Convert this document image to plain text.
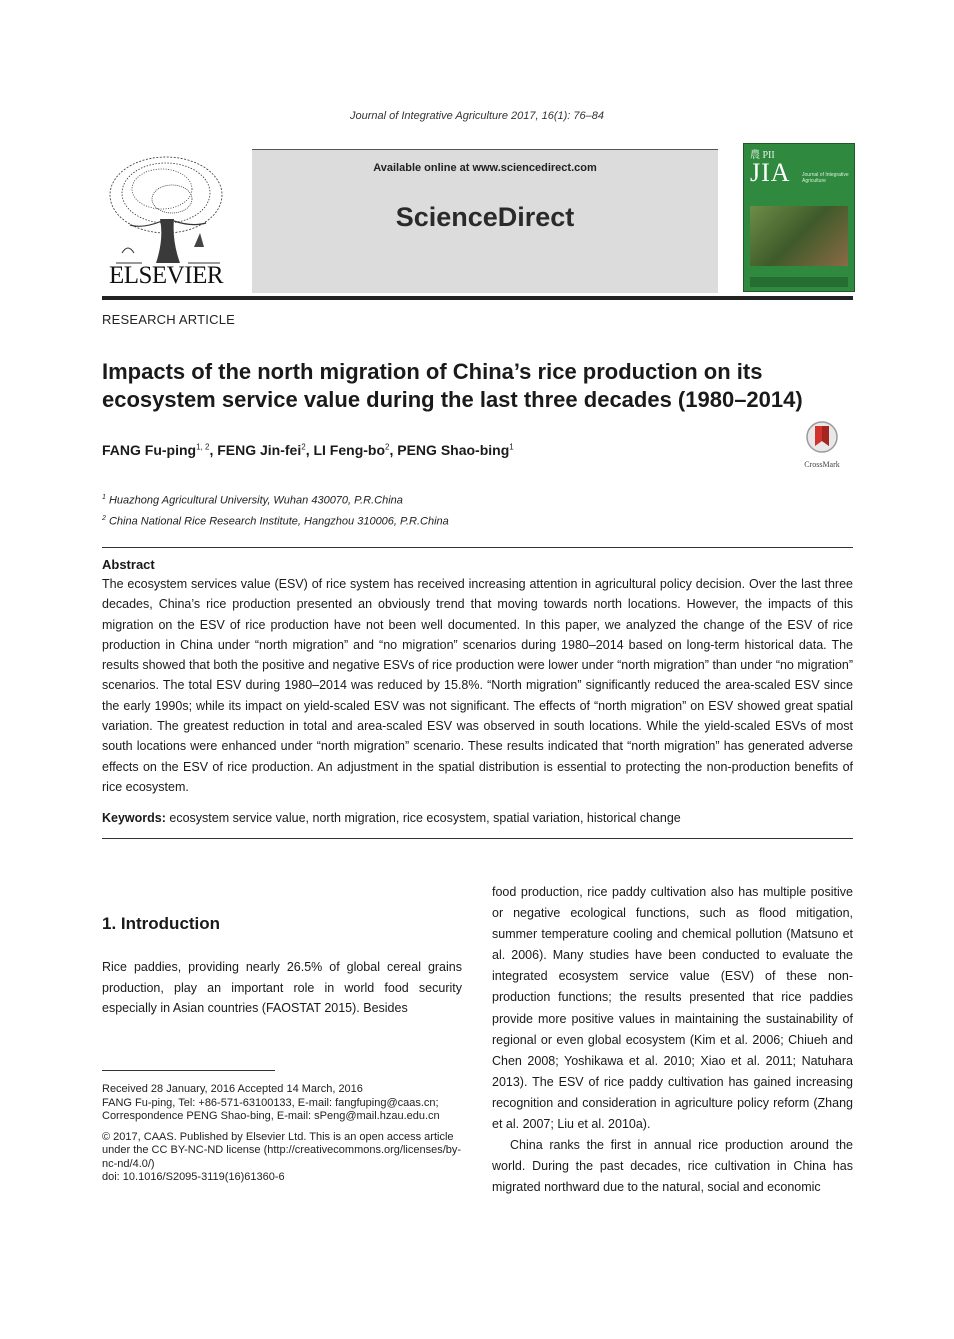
Journal of Integrative Agriculture 2017, 16(1): 76–84
ELSEVIER
Available online at www.sciencedirect.com
ScienceDirect
農 PII
JIA Journal of Integrative Agriculture
RESEARCH ARTICLE
Impacts of the north migration of China’s rice production on its ecosystem service value during the last three decades (1980–2014)
FANG Fu-ping$^{1, 2}$, FENG Jin-fei$^2$, LI Feng-$bo^2$, PENG Shao-bing$^1$
CrossMark
$^1$ Huazhong Agricultural University, Wuhan 430070, P.R.China
$^2$ China National Rice Research Institute, Hangzhou 310006, P.R.China
Abstract
The ecosystem services value (ESV) of rice system has received increasing attention in agricultural policy decision. Over the last three decades, China’s rice production presented an obviously trend that moving towards north locations. However, the impacts of this migration on the ESV of rice production have not been well documented. In this paper, we analyzed the change of the ESV of rice production in China under “north migration” and “no migration” scenarios during 1980–2014 based on long-term historical data. The results showed that both the positive and negative ESVs of rice production were lower under “north migration” than under “no migration” scenarios. The total ESV during 1980–2014 was reduced by 15.8%. “North migration” significantly reduced the area-scaled ESV since the early 1990s; while its impact on yield-scaled ESV was not significant. The effects of “north migration” on ESV showed great spatial variation. The greatest reduction in total and area-scaled ESV was observed in south locations. While the yield-scaled ESVs of most south locations were enhanced under “north migration” scenario. These results indicated that “north migration” has generated adverse effects on the ESV of rice production. An adjustment in the spatial distribution is essential to protecting the non-production benefits of rice ecosystem.
Keywords: ecosystem service value, north migration, rice ecosystem, spatial variation, historical change
1. Introduction
Rice paddies, providing nearly 26.5% of global cereal grains production, play an important role in world food security especially in Asian countries (FAOSTAT 2015). Besides

food production, rice paddy cultivation also has multiple positive or negative ecological functions, such as flood mitigation, summer temperature cooling and chemical pollution (Matsuno et al. 2006). Many studies have been conducted to evaluate the integrated ecosystem service value (ESV) of these non-production functions; the results presented that rice paddies provide more positive values in maintaining the sustainability of regional or even global ecosystem (Kim et al. 2006; Chiueh and Chen 2008; Yoshikawa et al. 2010; Xiao et al. 2011; Natuhara 2013). The ESV of rice paddy cultivation has gained increasing recognition and consideration in agriculture policy reform (Zhang et al. 2007; Liu et al. 2010a).

China ranks the first in annual rice production around the world. During the past decades, rice cultivation in China has migrated northward due to the natural, social and economic

Received 28 January, 2016 Accepted 14 March, 2016

FANG Fu-ping, Tel: +86-571-63100133, E-mail: fangfuping@caas.cn; Correspondence PENG Shao-bing, E-mail: sPeng@mail.hzau.edu.cn

© 2017, CAAS. Published by Elsevier Ltd. This is an open access article under the CC BY-NC-ND license (http://creativecommons.org/licenses/by-nc-nd/4.0/)

doi: 10.1016/S2095-3119(16)61360-6
